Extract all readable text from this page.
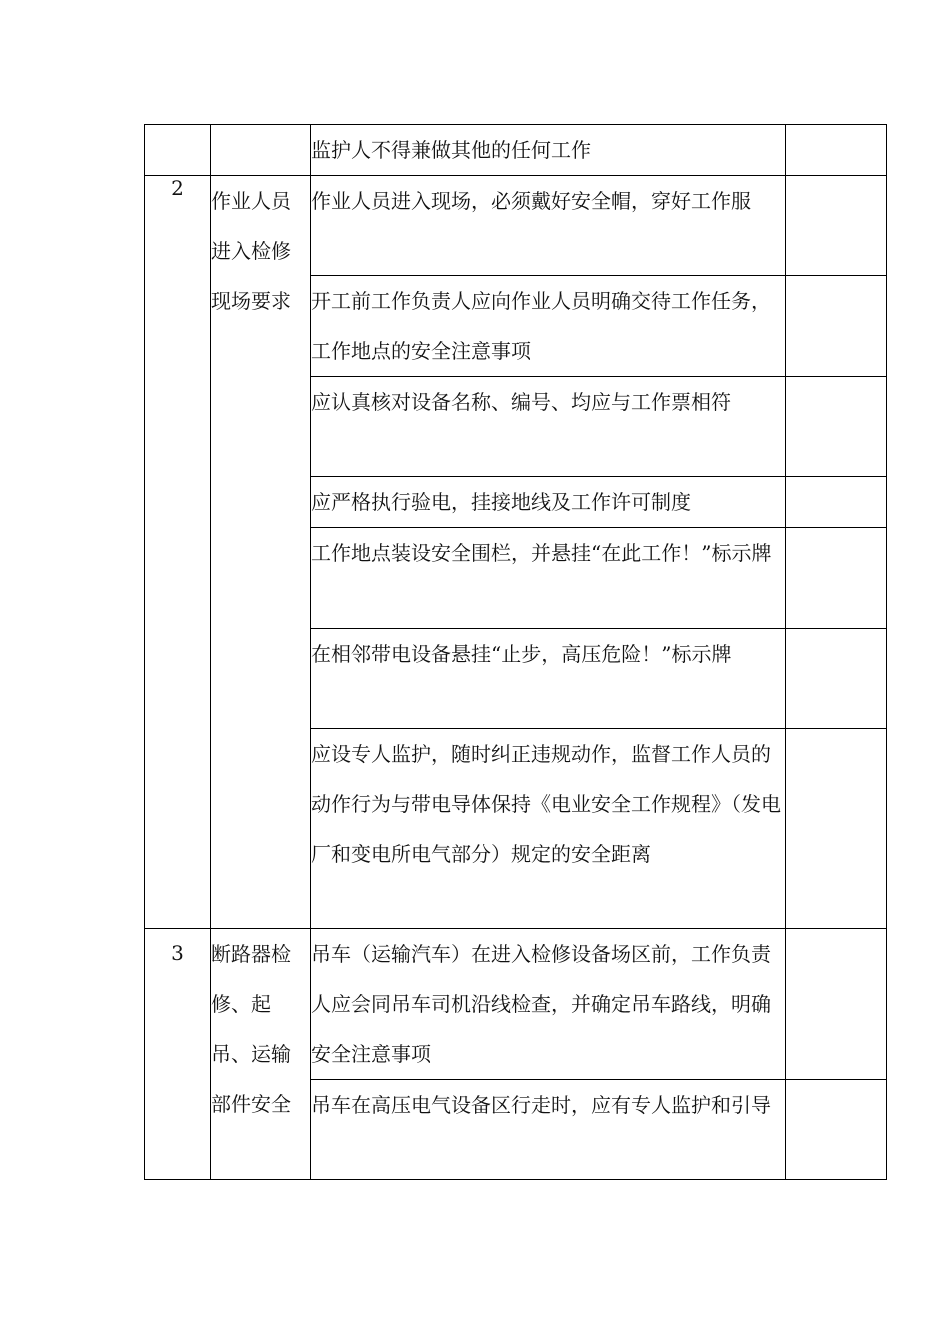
		监护人不得兼做其他的任何工作	

2	作业人员进入检修现场要求	作业人员进入现场，必须戴好安全帽，穿好工作服	

		开工前工作负责人应向作业人员明确交待工作任务，工作地点的安全注意事项	

		应认真核对设备名称、编号、均应与工作票相符	

		应严格执行验电，挂接地线及工作许可制度	

		工作地点装设安全围栏，并悬挂“在此工作！”标示牌	

		在相邻带电设备悬挂“止步，高压危险！”标示牌	

		应设专人监护，随时纠正违规动作，监督工作人员的动作行为与带电导体保持《电业安全工作规程》（发电厂和变电所电气部分）规定的安全距离	

3	断路器检修、起吊、运输部件安全	吊车（运输汽车）在进入检修设备场区前，工作负责人应会同吊车司机沿线检查，并确定吊车路线，明确安全注意事项	

		吊车在高压电气设备区行走时，应有专人监护和引导	
